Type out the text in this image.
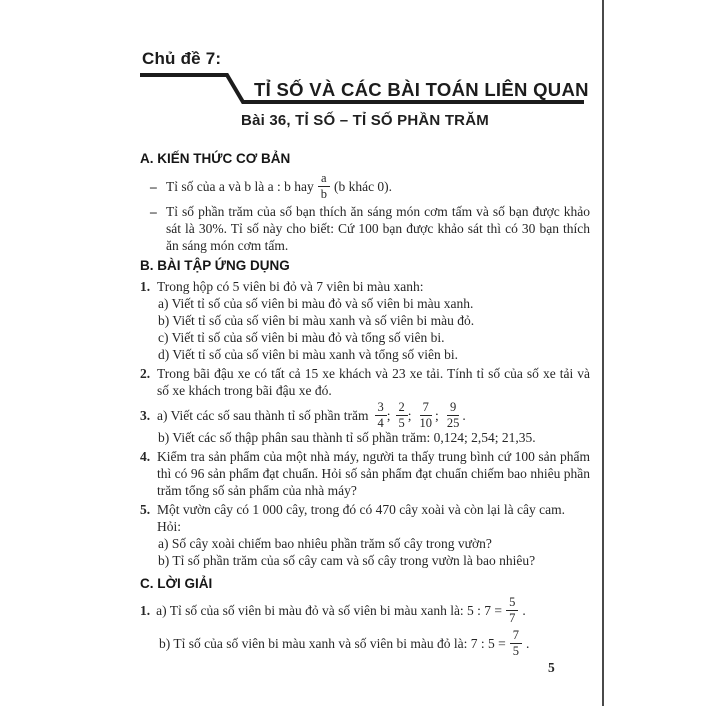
Chủ đề 7:
TỈ SỐ VÀ CÁC BÀI TOÁN LIÊN QUAN
Bài 36, TỈ SỐ – TỈ SỐ PHẦN TRĂM
A. KIẾN THỨC CƠ BẢN
– Tỉ số của a và b là a : b hay $\frac{a}{b} (b$ khác 0).
– Tỉ số phần trăm của số bạn thích ăn sáng món cơm tấm và số bạn được khảo sát là 30%. Tỉ số này cho biết: Cứ 100 bạn được khảo sát thì có 30 bạn thích ăn sáng món cơm tấm.
B. BÀI TẬP ỨNG DỤNG
1. Trong hộp có 5 viên bi đỏ và 7 viên bi màu xanh:
a) Viết tỉ số của số viên bi màu đỏ và số viên bi màu xanh.
b) Viết tỉ số của số viên bi màu xanh và số viên bi màu đỏ.
c) Viết tỉ số của số viên bi màu đỏ và tổng số viên bi.
d) Viết tỉ số của số viên bi màu xanh và tổng số viên bi.
2. Trong bãi đậu xe có tất cả 15 xe khách và 23 xe tải. Tính tỉ số của số xe tải và số xe khách trong bãi đậu xe đó.
3. a) Viết các số sau thành tỉ số phần trăm $\frac{3}{4}$ ; $\frac{2}{5}$ ; $\frac{7}{10}$ ; $\frac{9}{25}$ .
b) Viết các số thập phân sau thành tỉ số phần trăm: 0,124; 2,54; 21,35.
4. Kiểm tra sản phẩm của một nhà máy, người ta thấy trung bình cứ 100 sản phẩm thì có 96 sản phẩm đạt chuẩn. Hỏi số sản phẩm đạt chuẩn chiếm bao nhiêu phần trăm tổng số sản phẩm của nhà máy?
5. Một vườn cây có 1 000 cây, trong đó có 470 cây xoài và còn lại là cây cam.
Hỏi:
a) Số cây xoài chiếm bao nhiêu phần trăm số cây trong vườn?
b) Tỉ số phần trăm của số cây cam và số cây trong vườn là bao nhiêu?
C. LỜI GIẢI
1. a) Tỉ số của số viên bi màu đỏ và số viên bi màu xanh là: 5 : $7 = \frac{5}{7}$ .
b) Tỉ số của số viên bi màu xanh và số viên bi màu đỏ là: 7 : $5 = \frac{7}{5}$ .
5
